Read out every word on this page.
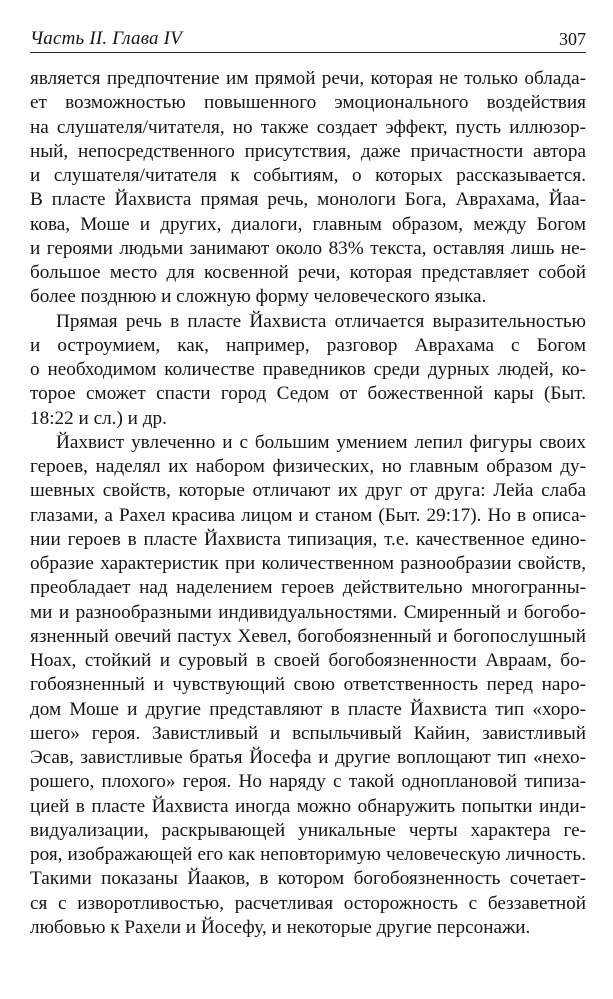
Часть II. Глава IV	307
является предпочтение им прямой речи, которая не только облада-
ет возможностью повышенного эмоционального воздействия
на слушателя/читателя, но также создает эффект, пусть иллюзор-
ный, непосредственного присутствия, даже причастности автора
и слушателя/читателя к событиям, о которых рассказывается.
В пласте Йахвиста прямая речь, монологи Бога, Аврахама, Йаа-
кова, Моше и других, диалоги, главным образом, между Богом
и героями людьми занимают около 83% текста, оставляя лишь не-
большое место для косвенной речи, которая представляет собой
более позднюю и сложную форму человеческого языка.
Прямая речь в пласте Йахвиста отличается выразительностью
и остроумием, как, например, разговор Аврахама с Богом
о необходимом количестве праведников среди дурных людей, ко-
торое сможет спасти город Седом от божественной кары (Быт.
18:22 и сл.) и др.
Йахвист увлеченно и с большим умением лепил фигуры своих
героев, наделял их набором физических, но главным образом ду-
шевных свойств, которые отличают их друг от друга: Лейа слаба
глазами, а Рахел красива лицом и станом (Быт. 29:17). Но в описа-
нии героев в пласте Йахвиста типизация, т.е. качественное едино-
образие характеристик при количественном разнообразии свойств,
преобладает над наделением героев действительно многогранны-
ми и разнообразными индивидуальностями. Смиренный и богобо-
язненный овечий пастух Хевел, богобоязненный и богопослушный
Ноах, стойкий и суровый в своей богобоязненности Авраам, бо-
гобоязненный и чувствующий свою ответственность перед наро-
дом Моше и другие представляют в пласте Йахвиста тип «хоро-
шего» героя. Завистливый и вспыльчивый Кайин, завистливый
Эсав, завистливые братья Йосефа и другие воплощают тип «нехо-
рошего, плохого» героя. Но наряду с такой одноплановой типиза-
цией в пласте Йахвиста иногда можно обнаружить попытки инди-
видуализации, раскрывающей уникальные черты характера ге-
роя, изображающей его как неповторимую человеческую личность.
Такими показаны Йааков, в котором богобоязненность сочетает-
ся с изворотливостью, расчетливая осторожность с беззаветной
любовью к Рахели и Йосефу, и некоторые другие персонажи.
